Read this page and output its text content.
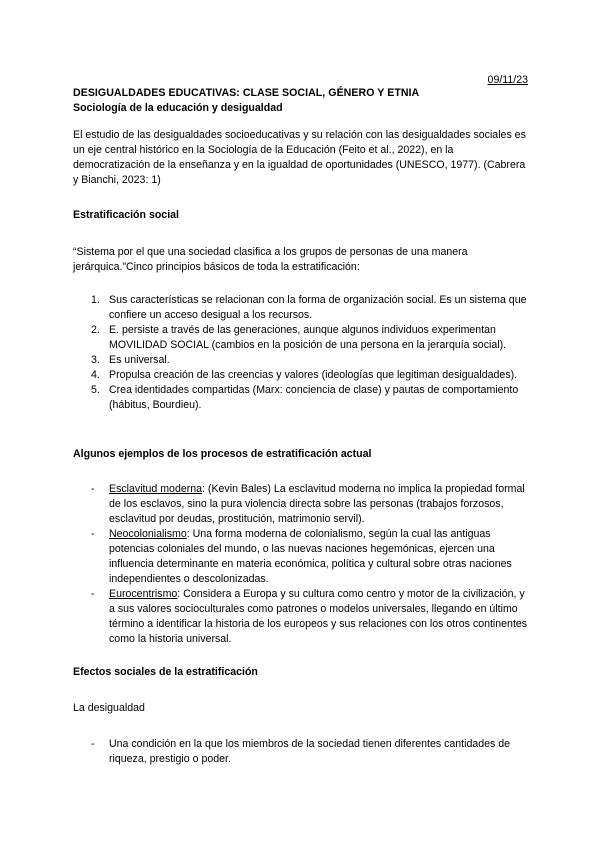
09/11/23
DESIGUALDADES EDUCATIVAS: CLASE SOCIAL, GÉNERO Y ETNIA
Sociología de la educación y desigualdad
El estudio de las desigualdades socioeducativas y su relación con las desigualdades sociales es un eje central histórico en la Sociología de la Educación (Feito et al., 2022), en la democratización de la enseñanza y en la igualdad de oportunidades (UNESCO, 1977). (Cabrera y Bianchi, 2023: 1)
Estratificación social
“Sistema por el que una sociedad clasifica a los grupos de personas de una manera jerárquica.”Cinco principios básicos de toda la estratificación:
1. Sus características se relacionan con la forma de organización social. Es un sistema que confiere un acceso desigual a los recursos.
2. E. persiste a través de las generaciones, aunque algunos individuos experimentan MOVILIDAD SOCIAL (cambios en la posición de una persona en la jerarquía social).
3. Es universal.
4. Propulsa creación de las creencias y valores (ideologías que legitiman desigualdades).
5. Crea identidades compartidas (Marx: conciencia de clase) y pautas de comportamiento (hábitus, Bourdieu).
Algunos ejemplos de los procesos de estratificación actual
- Esclavitud moderna: (Kevin Bales) La esclavitud moderna no implica la propiedad formal de los esclavos, sino la pura violencia directa sobre las personas (trabajos forzosos, esclavitud por deudas, prostitución, matrimonio servil).
- Neocolonialismo: Una forma moderna de colonialismo, según la cual las antiguas potencias coloniales del mundo, o las nuevas naciones hegemónicas, ejercen una influencia determinante en materia económica, política y cultural sobre otras naciones independientes o descolonizadas.
- Eurocentrismo: Considera a Europa y su cultura como centro y motor de la civilización, y a sus valores socioculturales como patrones o modelos universales, llegando en último término a identificar la historia de los europeos y sus relaciones con los otros continentes como la historia universal.
Efectos sociales de la estratificación
La desigualdad
- Una condición en la que los miembros de la sociedad tienen diferentes cantidades de riqueza, prestigio o poder.
